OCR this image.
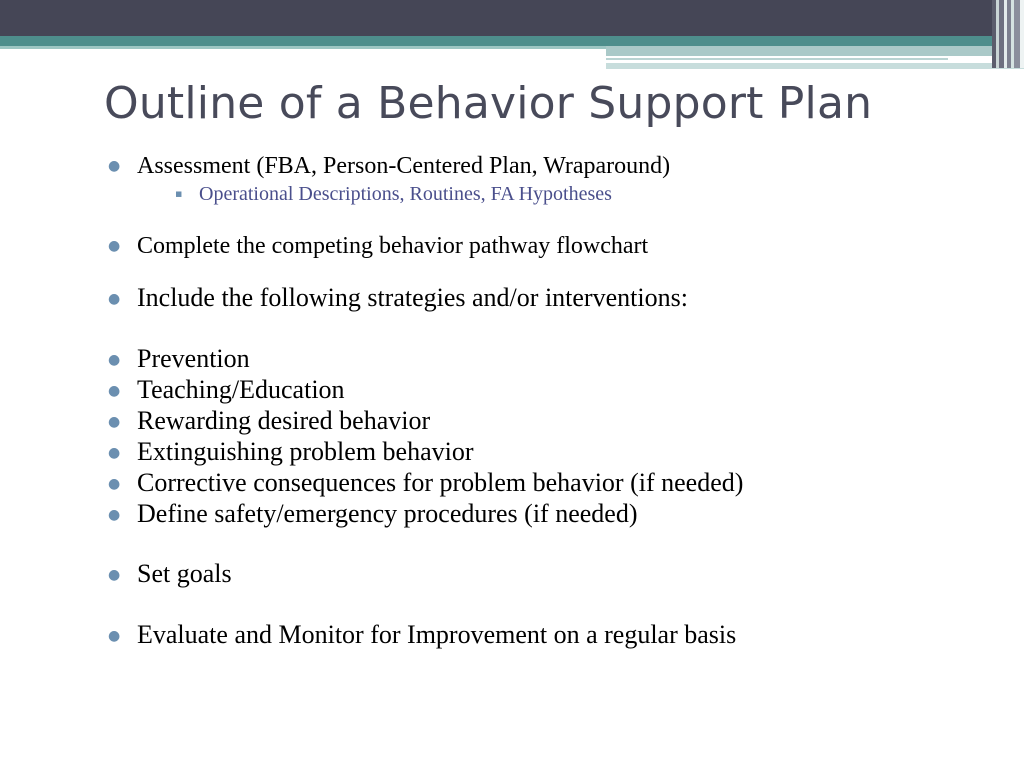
Outline of a Behavior Support Plan
● Assessment (FBA, Person-Centered Plan, Wraparound)
▪ Operational Descriptions, Routines, FA Hypotheses
● Complete the competing behavior pathway flowchart
● Include the following strategies and/or interventions:
● Prevention
● Teaching/Education
● Rewarding desired behavior
● Extinguishing problem behavior
● Corrective consequences for problem behavior (if needed)
● Define safety/emergency procedures (if needed)
● Set goals
● Evaluate and Monitor for Improvement on a regular basis
